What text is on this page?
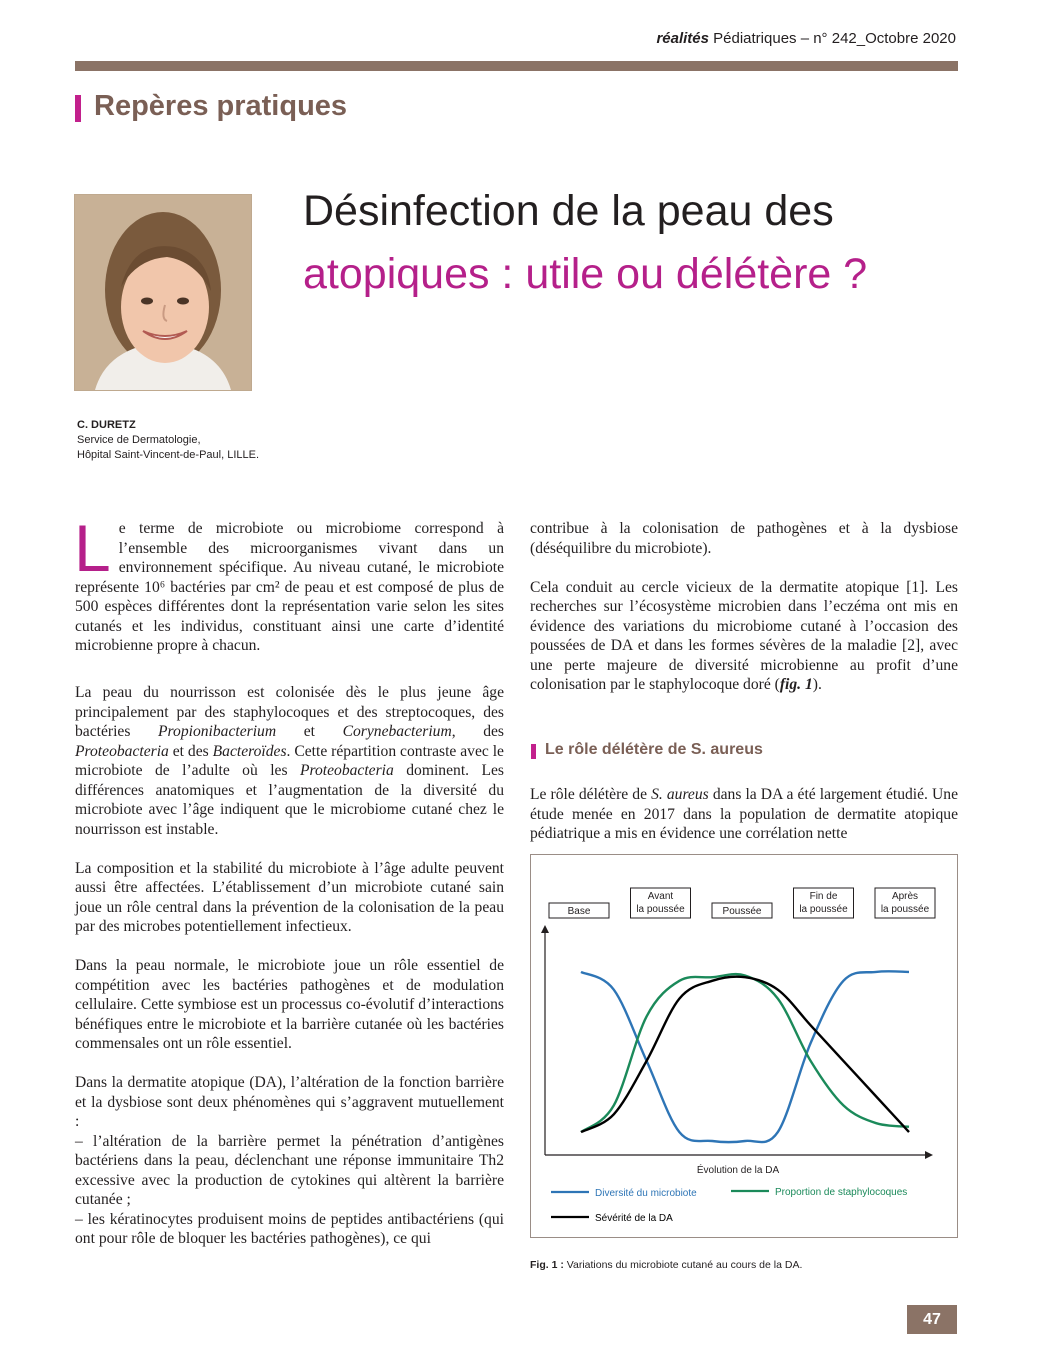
réalités Pédiatriques – n° 242_Octobre 2020
Repères pratiques
Désinfection de la peau des
atopiques : utile ou délétère ?
C. DURETZ
Service de Dermatologie,
Hôpital Saint-Vincent-de-Paul, LILLE.
Le terme de microbiote ou microbiome correspond à l’ensemble des microorganismes vivant dans un environnement spécifique. Au niveau cutané, le microbiote représente 10⁶ bactéries par cm² de peau et est composé de plus de 500 espèces différentes dont la représentation varie selon les sites cutanés et les individus, constituant ainsi une carte d’identité microbienne propre à chacun.

La peau du nourrisson est colonisée dès le plus jeune âge principalement par des staphylocoques et des streptocoques, des bactéries Propionibacterium et Corynebacterium, des Proteobacteria et des Bacteroïdes. Cette répartition contraste avec le microbiote de l’adulte où les Proteobacteria dominent. Les différences anatomiques et l’augmentation de la diversité du microbiote avec l’âge indiquent que le microbiome cutané chez le nourrisson est instable.

La composition et la stabilité du microbiote à l’âge adulte peuvent aussi être affectées. L’établissement d’un microbiote cutané sain joue un rôle central dans la prévention de la colonisation de la peau par des microbes potentiellement infectieux.

Dans la peau normale, le microbiote joue un rôle essentiel de compétition avec les bactéries pathogènes et de modulation cellulaire. Cette symbiose est un processus co-évolutif d’interactions bénéfiques entre le microbiote et la barrière cutanée où les bactéries commensales ont un rôle essentiel.

Dans la dermatite atopique (DA), l’altération de la fonction barrière et la dysbiose sont deux phénomènes qui s’aggravent mutuellement :
– l’altération de la barrière permet la pénétration d’antigènes bactériens dans la peau, déclenchant une réponse immunitaire Th2 excessive avec la production de cytokines qui altèrent la barrière cutanée ;
– les kératinocytes produisent moins de peptides antibactériens (qui ont pour rôle de bloquer les bactéries pathogènes), ce qui

contribue à la colonisation de pathogènes et à la dysbiose (déséquilibre du microbiote).

Cela conduit au cercle vicieux de la dermatite atopique [1]. Les recherches sur l’écosystème microbien dans l’eczéma ont mis en évidence des variations du microbiome cutané à l’occasion des poussées de DA et dans les formes sévères de la maladie [2], avec une perte majeure de diversité microbienne au profit d’une colonisation par le staphylocoque doré (fig. 1).

Le rôle délétère de S. aureus

Le rôle délétère de S. aureus dans la DA a été largement étudié. Une étude menée en 2017 dans la population de dermatite atopique pédiatrique a mis en évidence une corrélation nette

Base
Avant
la poussée	Poussée
Fin de
la poussée
Après
la poussée
Évolution de la DA
Diversité du microbiote	Proportion de staphylocoques
Sévérité de la DA
Fig. 1 : Variations du microbiote cutané au cours de la DA.
47
